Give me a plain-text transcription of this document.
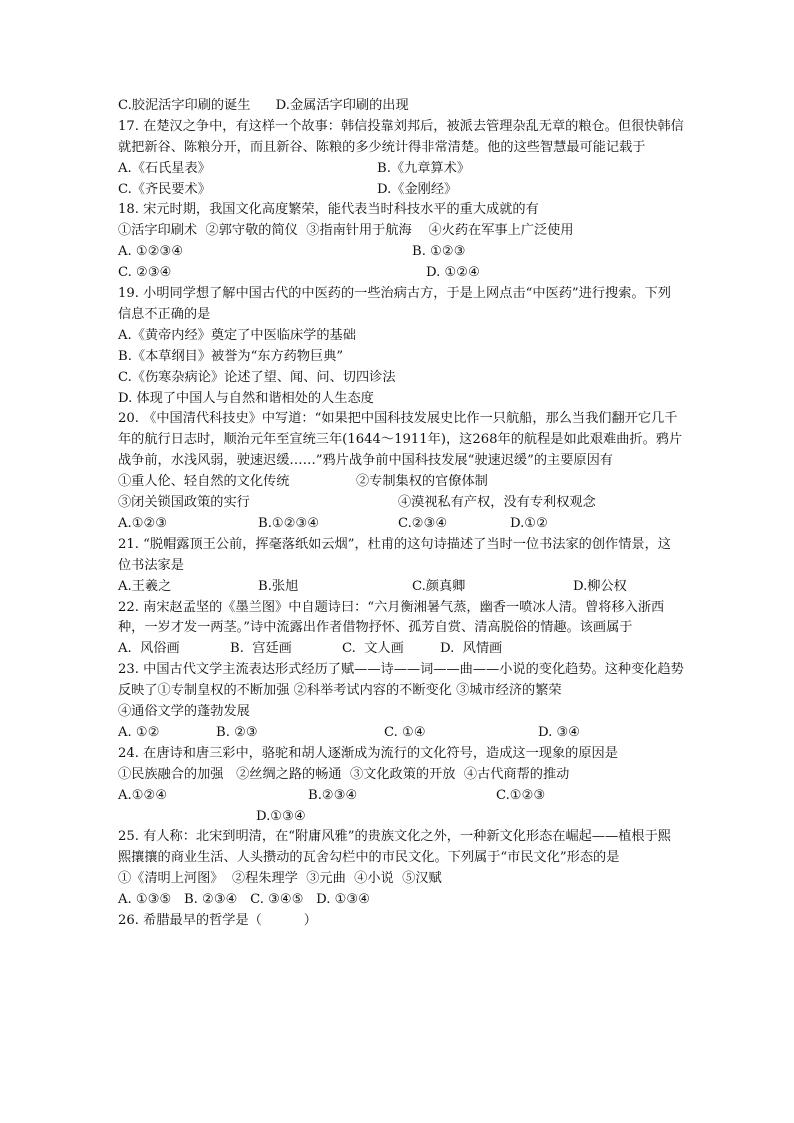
C.胶泥活字印刷的诞生      D.金属活字印刷的出现
17. 在楚汉之争中，有这样一个故事：韩信投靠刘邦后，被派去管理杂乱无章的粮仓。但很快韩信就把新谷、陈粮分开，而且新谷、陈粮的多少统计得非常清楚。他的这些智慧最可能记载于
A.《石氏星表》	B.《九章算术》
C.《齐民要术》	D.《金刚经》
18. 宋元时期，我国文化高度繁荣，能代表当时科技水平的重大成就的有
①活字印刷术  ②郭守敬的简仪  ③指南针用于航海    ④火药在军事上广泛使用
A. ①②③④	B. ①②③
C. ②③④	D. ①②④
19. 小明同学想了解中国古代的中医药的一些治病古方，于是上网点击“中医药”进行搜索。下列信息不正确的是
A.《黄帝内经》奠定了中医临床学的基础
B.《本草纲目》被誉为“东方药物巨典”
C.《伤寒杂病论》论述了望、闻、问、切四诊法
D. 体现了中国人与自然和谐相处的人生态度
20. 《中国清代科技史》中写道：“如果把中国科技发展史比作一只航船，那么当我们翻开它几千年的航行日志时，顺治元年至宣统三年(1644～1911年)，这268年的航程是如此艰难曲折。鸦片战争前，水浅风弱，驶速迟缓……”鸦片战争前中国科技发展“驶速迟缓”的主要原因有
①重人伦、轻自然的文化传统	②专制集权的官僚体制
③闭关锁国政策的实行	④漠视私有产权，没有专利权观念
A.①②③	B.①②③④	C.②③④	D.①②
21. “脱帽露顶王公前，挥毫落纸如云烟”，杜甫的这句诗描述了当时一位书法家的创作情景，这位书法家是
A.王羲之	B.张旭	C.颜真卿	D.柳公权
22. 南宋赵孟坚的《墨兰图》中自题诗曰：“六月衡湘暑气蒸，幽香一喷冰人清。曾将移入浙西种，一岁才发一两茎。”诗中流露出作者借物抒怀、孤芳自赏、清高脱俗的情趣。该画属于
A.  风俗画	B.  宫廷画	C.  文人画	D.  风情画
23. 中国古代文学主流表达形式经历了赋——诗——词——曲——小说的变化趋势。这种变化趋势反映了①专制皇权的不断加强 ②科举考试内容的不断变化 ③城市经济的繁荣
④通俗文学的蓬勃发展
A. ①②	B. ②③	C. ①④	D. ③④
24. 在唐诗和唐三彩中，骆驼和胡人逐渐成为流行的文化符号，造成这一现象的原因是
①民族融合的加强   ②丝绸之路的畅通  ③文化政策的开放  ④古代商帮的推动
A.①②④	B.②③④	C.①②③
D.①③④
25. 有人称：北宋到明清，在“附庸风雅”的贵族文化之外，一种新文化形态在崛起——植根于熙熙攘攘的商业生活、人头攒动的瓦舍勾栏中的市民文化。下列属于“市民文化”形态的是
①《清明上河图》  ②程朱理学  ③元曲  ④小说  ⑤汉赋
A. ①③⑤   B. ②③④   C. ③④⑤   D. ①③④
26. 希腊最早的哲学是（          ）
